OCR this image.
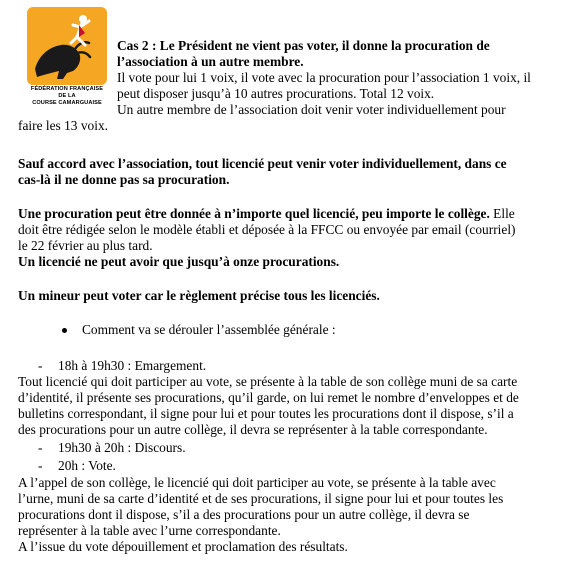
FÉDÉRATION FRANÇAISE
DE LA
COURSE CAMARGUAISE
Cas 2 : Le Président ne vient pas voter, il donne la procuration de
l’association à un autre membre.
Il vote pour lui 1 voix, il vote avec la procuration pour l’association 1 voix, il
peut disposer jusqu’à 10 autres procurations. Total 12 voix.
Un autre membre de l’association doit venir voter individuellement pour
faire les 13 voix.
Sauf accord avec l’association, tout licencié peut venir voter individuellement, dans ce
cas-là il ne donne pas sa procuration.
Une procuration peut être donnée à n’importe quel licencié, peu importe le collège. Elle
doit être rédigée selon le modèle établi et déposée à la FFCC ou envoyée par email (courriel)
le 22 février au plus tard.
Un licencié ne peut avoir que jusqu’à onze procurations.
Un mineur peut voter car le règlement précise tous les licenciés.
Comment va se dérouler l’assemblée générale :
- 18h à 19h30 : Emargement.
Tout licencié qui doit participer au vote, se présente à la table de son collège muni de sa carte
d’identité, il présente ses procurations, qu’il garde, on lui remet le nombre d’enveloppes et de
bulletins correspondant, il signe pour lui et pour toutes les procurations dont il dispose, s’il a
des procurations pour un autre collège, il devra se représenter à la table correspondante.
- 19h30 à 20h : Discours.
- 20h : Vote.
A l’appel de son collège, le licencié qui doit participer au vote, se présente à la table avec
l’urne, muni de sa carte d’identité et de ses procurations, il signe pour lui et pour toutes les
procurations dont il dispose, s’il a des procurations pour un autre collège, il devra se
représenter à la table avec l’urne correspondante.
A l’issue du vote dépouillement et proclamation des résultats.
